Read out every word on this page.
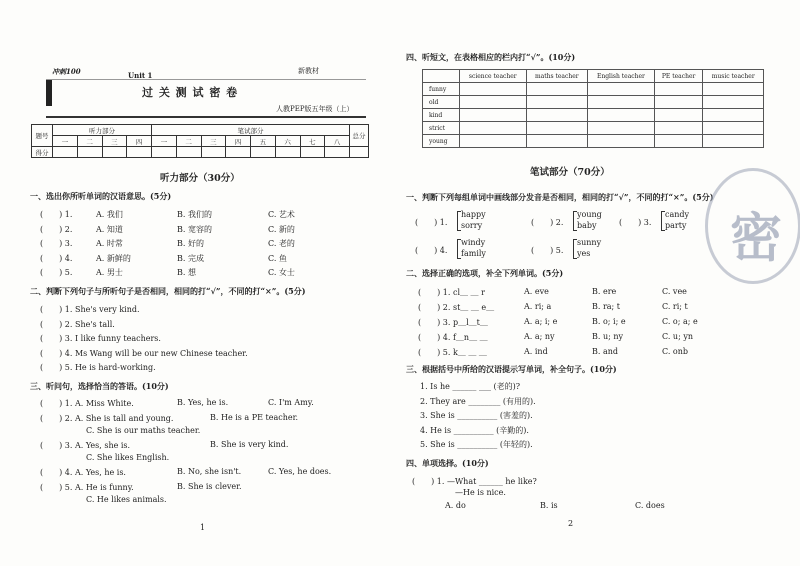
冲刺100	Unit 1	新教材
过 关 测 试 密 卷
人教PEP版五年级（上）
题号	听力部分				笔试部分								总分
	一	二	三	四	一	二	三	四	五	六	七	八	
得分													
听力部分（30分）
一、选出你所听单词的汉语意思。(5分)
(　　) 1.	A. 我们	B. 我们的	C. 艺术
(　　) 2.	A. 知道	B. 宽容的	C. 新的
(　　) 3.	A. 时常	B. 好的	C. 老的
(　　) 4.	A. 新鲜的	B. 完成	C. 鱼
(　　) 5.	A. 男士	B. 想	C. 女士
二、判断下列句子与所听句子是否相同，相同的打“√”，不同的打“×”。(5分)
(　　) 1. She's very kind.
(　　) 2. She's tall.
(　　) 3. I like funny teachers.
(　　) 4. Ms Wang will be our new Chinese teacher.
(　　) 5. He is hard-working.
三、听问句，选择恰当的答语。(10分)
(　　) 1. A. Miss White.	B. Yes, he is.	C. I'm Amy.
(　　) 2. A. She is tall and young.	B. He is a PE teacher.
C. She is our maths teacher.
(　　) 3. A. Yes, she is.	B. She is very kind.
C. She likes English.
(　　) 4. A. Yes, he is.	B. No, she isn't.	C. Yes, he does.
(　　) 5. A. He is funny.	B. She is clever.
C. He likes animals.
1
四、听短文，在表格相应的栏内打“√”。(10分)
	science teacher	maths teacher	English teacher	PE teacher	music teacher
funny					
old					
kind					
strict					
young					
笔试部分（70分）
一、判断下列每组单词中画线部分发音是否相同，相同的打“√”，不同的打“×”。(5分)
(　　) 1.
happy
sorry	(　　) 2.
young
baby	(　　) 3.
candy
party
(　　) 4.
windy
family	(　　) 5.
sunny
yes
二、选择正确的选项，补全下列单词。(5分)
(　　) 1. cl＿ ＿ r	A. eve	B. ere	C. vee
(　　) 2. st＿ ＿ e＿	A. ri; a	B. ra; t	C. ri; t
(　　) 3. p＿l＿t＿	A. a; i; e	B. o; i; e	C. o; a; e
(　　) 4. f＿n＿ ＿	A. a; ny	B. u; ny	C. u; yn
(　　) 5. k＿ ＿ ＿	A. ind	B. and	C. onb
三、根据括号中所给的汉语提示写单词，补全句子。(10分)
1. Is he ______ ___ (老的)?
2. They are ________ (有用的).
3. She is __________ (害羞的).
4. He is __________ (辛勤的).
5. She is __________ (年轻的).
四、单项选择。(10分)
(　　) 1. —What ______ he like?
—He is nice.
A. do	B. is	C. does
2
密
